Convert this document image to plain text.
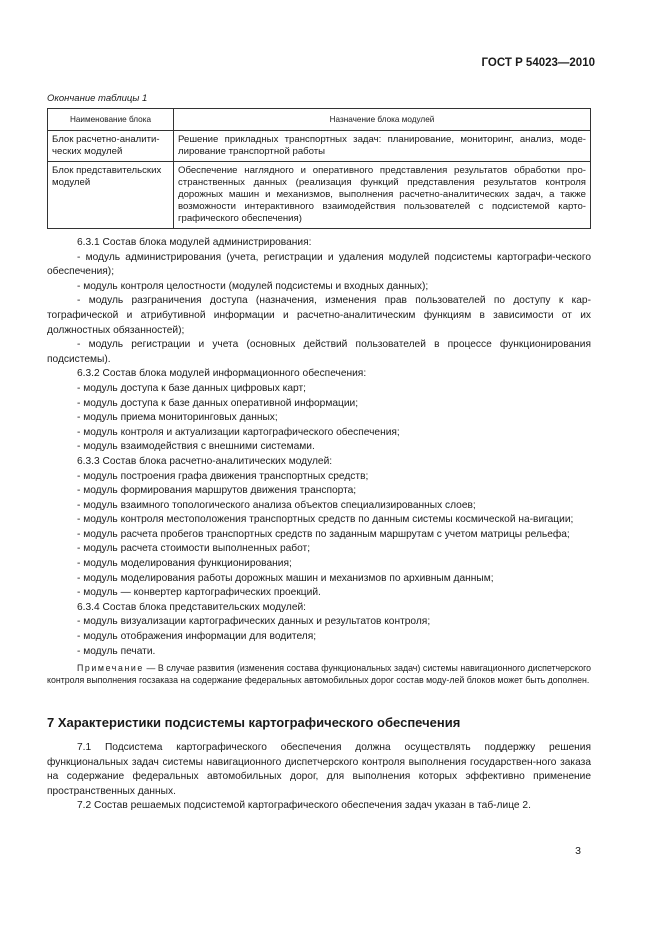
ГОСТ Р 54023—2010
Окончание таблицы 1
Наименование блока	Назначение блока модулей
Блок расчетно-аналити-ческих модулей	Решение прикладных транспортных задач: планирование, мониторинг, анализ, моде-лирование транспортной работы
Блок представительских модулей	Обеспечение наглядного и оперативного представления результатов обработки про-странственных данных (реализация функций представления результатов контроля дорожных машин и механизмов, выполнения расчетно-аналитических задач, а также возможности интерактивного взаимодействия пользователей с подсистемой карто-графического обеспечения)

6.3.1 Состав блока модулей администрирования:

- модуль администрирования (учета, регистрации и удаления модулей подсистемы картографи-ческого обеспечения);

- модуль контроля целостности (модулей подсистемы и входных данных);

- модуль разграничения доступа (назначения, изменения прав пользователей по доступу к кар-тографической и атрибутивной информации и расчетно-аналитическим функциям в зависимости от их должностных обязанностей);

- модуль регистрации и учета (основных действий пользователей в процессе функционирования подсистемы).

6.3.2 Состав блока модулей информационного обеспечения:

- модуль доступа к базе данных цифровых карт;

- модуль доступа к базе данных оперативной информации;

- модуль приема мониторинговых данных;

- модуль контроля и актуализации картографического обеспечения;

- модуль взаимодействия с внешними системами.

6.3.3 Состав блока расчетно-аналитических модулей:

- модуль построения графа движения транспортных средств;

- модуль формирования маршрутов движения транспорта;

- модуль взаимного топологического анализа объектов специализированных слоев;

- модуль контроля местоположения транспортных средств по данным системы космической на-вигации;

- модуль расчета пробегов транспортных средств по заданным маршрутам с учетом матрицы рельефа;

- модуль расчета стоимости выполненных работ;

- модуль моделирования функционирования;

- модуль моделирования работы дорожных машин и механизмов по архивным данным;

- модуль — конвертер картографических проекций.

6.3.4 Состав блока представительских модулей:

- модуль визуализации картографических данных и результатов контроля;

- модуль отображения информации для водителя;

- модуль печати.

Примечание — В случае развития (изменения состава функциональных задач) системы навигационного диспетчерского контроля выполнения госзаказа на содержание федеральных автомобильных дорог состав моду-лей блоков может быть дополнен.

7 Характеристики подсистемы картографического обеспечения

7.1 Подсистема картографического обеспечения должна осуществлять поддержку решения функциональных задач системы навигационного диспетчерского контроля выполнения государствен-ного заказа на содержание федеральных автомобильных дорог, для выполнения которых эффективно применение пространственных данных.

7.2 Состав решаемых подсистемой картографического обеспечения задач указан в таб-лице 2.

3
